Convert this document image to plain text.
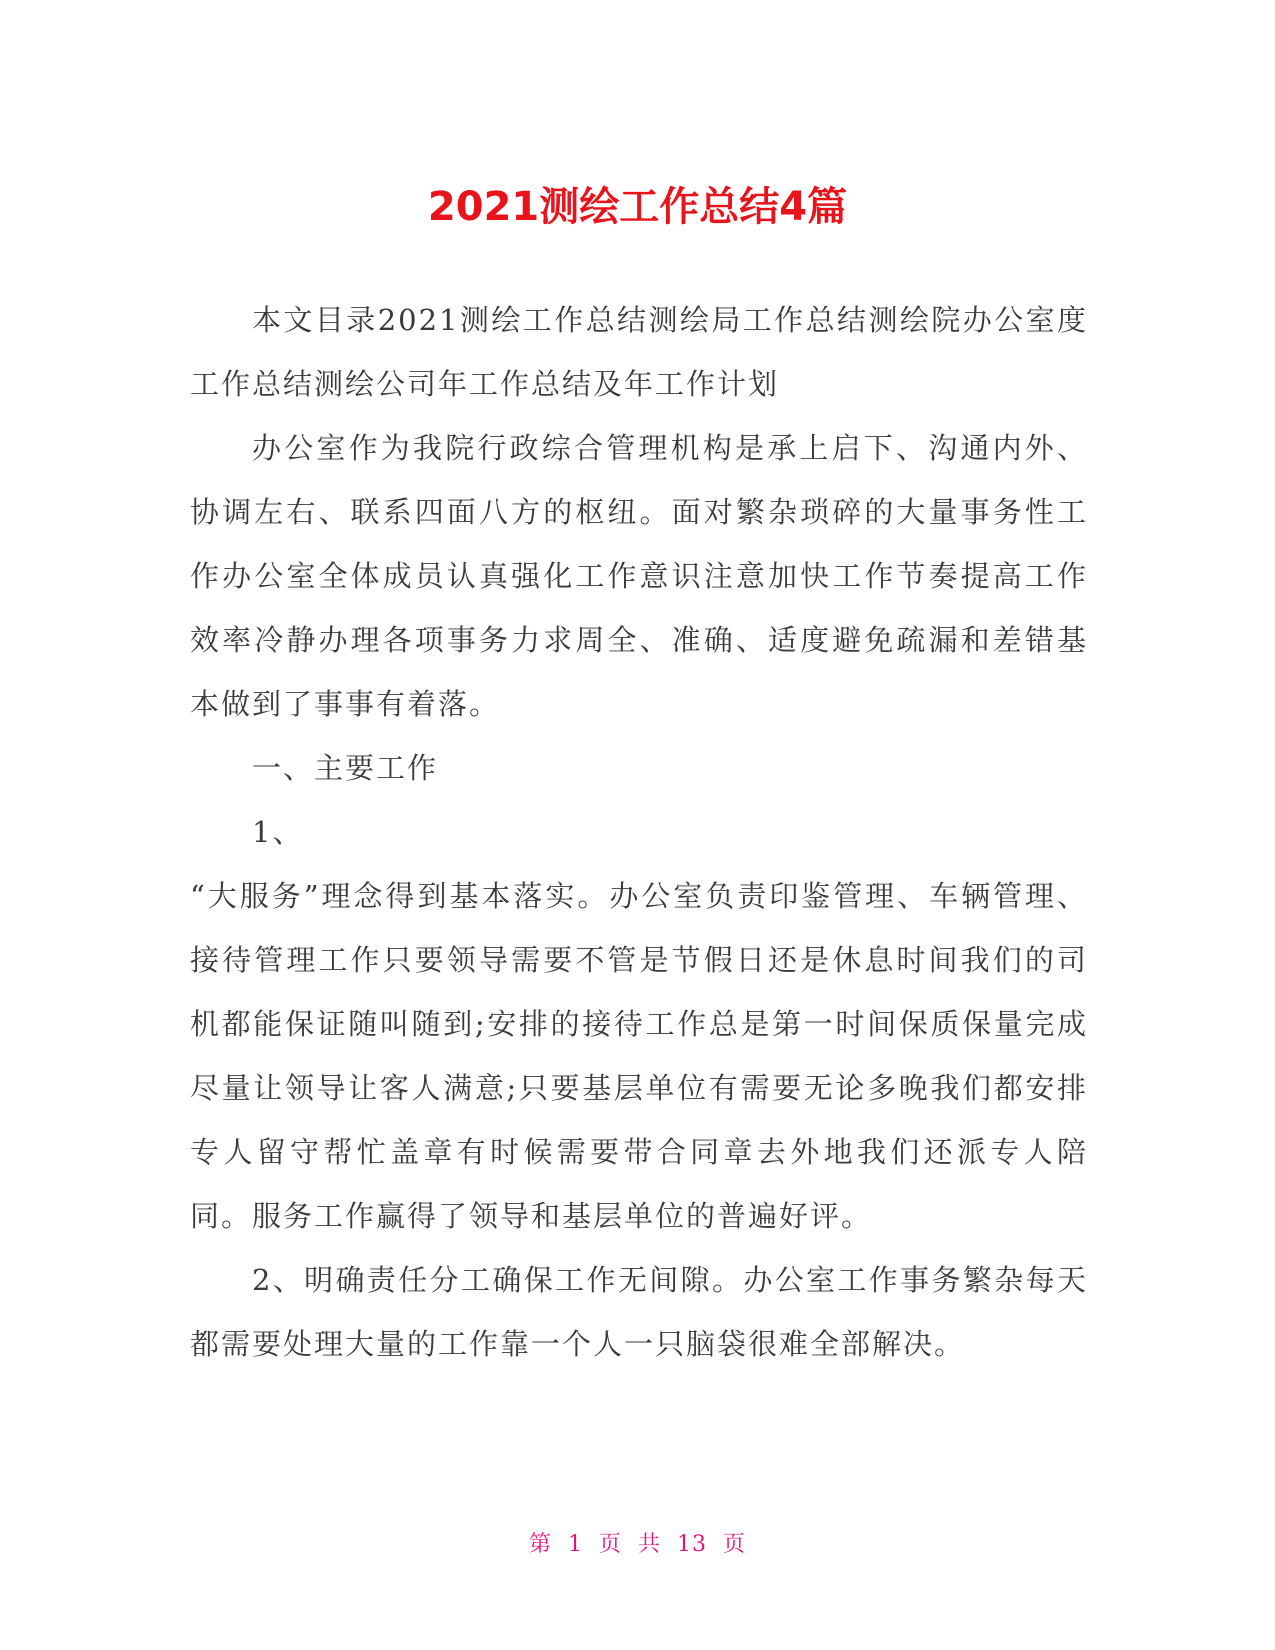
2021测绘工作总结4篇

本文目录2021测绘工作总结测绘局工作总结测绘院办公室度工作总结测绘公司年工作总结及年工作计划

办公室作为我院行政综合管理机构是承上启下、沟通内外、协调左右、联系四面八方的枢纽。面对繁杂琐碎的大量事务性工作办公室全体成员认真强化工作意识注意加快工作节奏提高工作效率冷静办理各项事务力求周全、准确、适度避免疏漏和差错基本做到了事事有着落。

一、主要工作

1、

“大服务”理念得到基本落实。办公室负责印鉴管理、车辆管理、接待管理工作只要领导需要不管是节假日还是休息时间我们的司机都能保证随叫随到;安排的接待工作总是第一时间保质保量完成尽量让领导让客人满意;只要基层单位有需要无论多晚我们都安排专人留守帮忙盖章有时候需要带合同章去外地我们还派专人陪同。服务工作赢得了领导和基层单位的普遍好评。

2、明确责任分工确保工作无间隙。办公室工作事务繁杂每天都需要处理大量的工作靠一个人一只脑袋很难全部解决。

第 1 页 共 13 页
